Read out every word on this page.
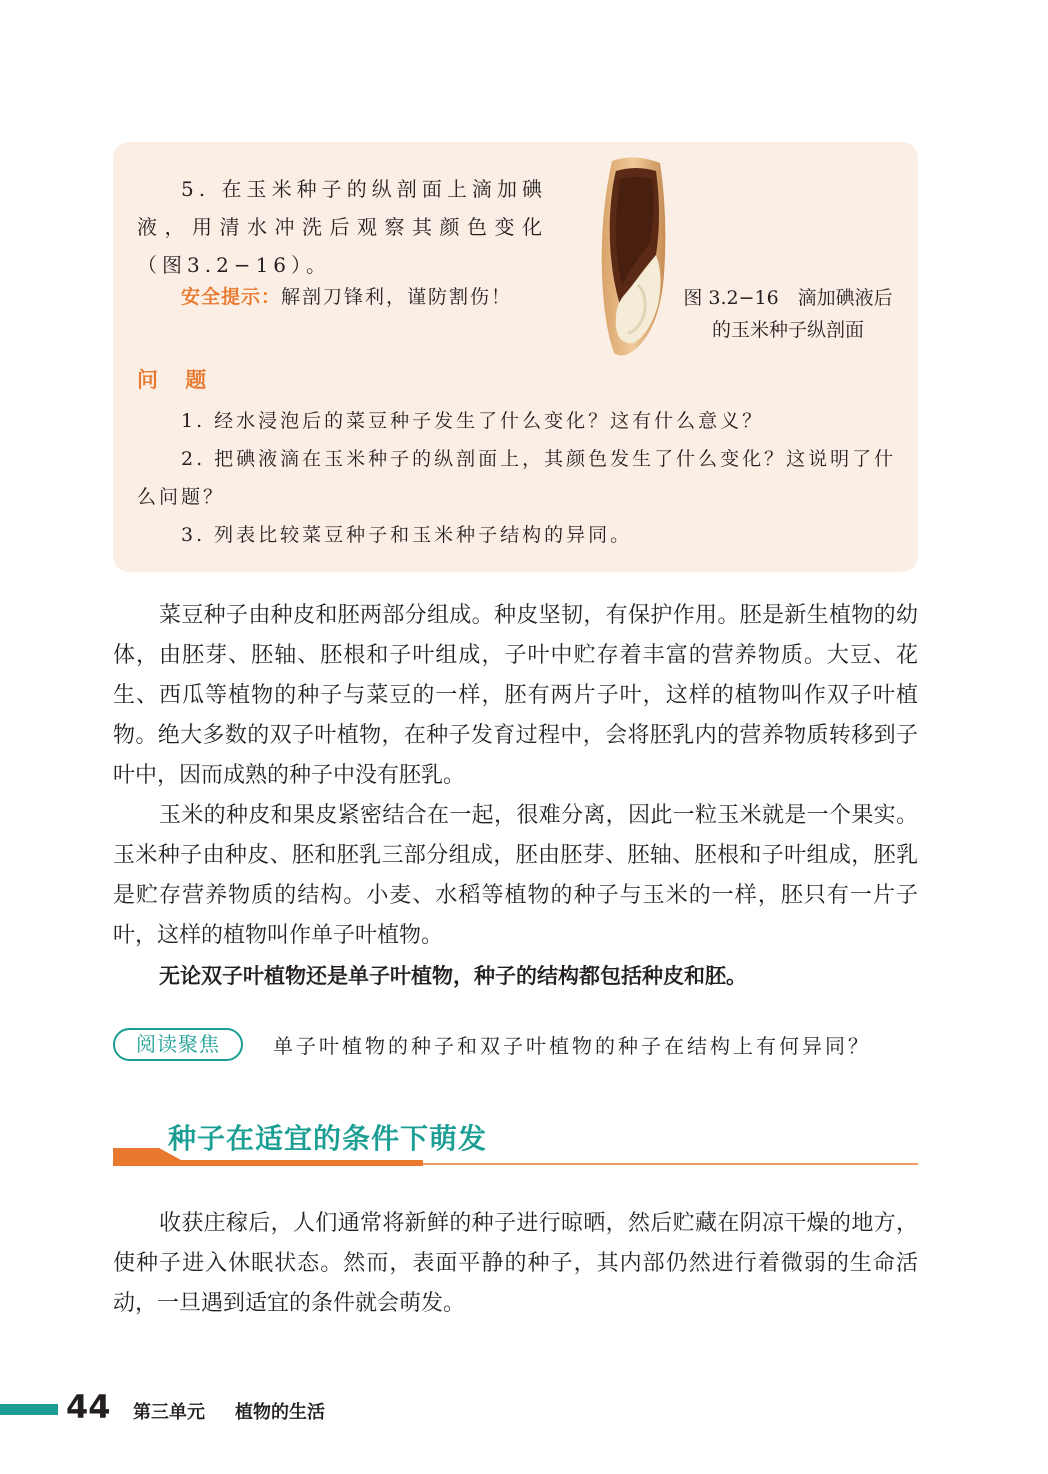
5. 在玉米种子的纵剖面上滴加碘液，用清水冲洗后观察其颜色变化（图3.2−16）。

安全提示：解剖刀锋利，谨防割伤！	图 3.2−16　滴加碘液后
的玉米种子纵剖面
问 题

1. 经水浸泡后的菜豆种子发生了什么变化？这有什么意义？

2. 把碘液滴在玉米种子的纵剖面上，其颜色发生了什么变化？这说明了什么问题？

3. 列表比较菜豆种子和玉米种子结构的异同。

菜豆种子由种皮和胚两部分组成。种皮坚韧，有保护作用。胚是新生植物的幼体，由胚芽、胚轴、胚根和子叶组成，子叶中贮存着丰富的营养物质。大豆、花生、西瓜等植物的种子与菜豆的一样，胚有两片子叶，这样的植物叫作双子叶植物。绝大多数的双子叶植物，在种子发育过程中，会将胚乳内的营养物质转移到子叶中，因而成熟的种子中没有胚乳。

玉米的种皮和果皮紧密结合在一起，很难分离，因此一粒玉米就是一个果实。玉米种子由种皮、胚和胚乳三部分组成，胚由胚芽、胚轴、胚根和子叶组成，胚乳是贮存营养物质的结构。小麦、水稻等植物的种子与玉米的一样，胚只有一片子叶，这样的植物叫作单子叶植物。

无论双子叶植物还是单子叶植物，种子的结构都包括种皮和胚。

阅读聚焦	单子叶植物的种子和双子叶植物的种子在结构上有何异同？
种子在适宜的条件下萌发

收获庄稼后，人们通常将新鲜的种子进行晾晒，然后贮藏在阴凉干燥的地方，使种子进入休眠状态。然而，表面平静的种子，其内部仍然进行着微弱的生命活动，一旦遇到适宜的条件就会萌发。

44 第三单元 植物的生活
